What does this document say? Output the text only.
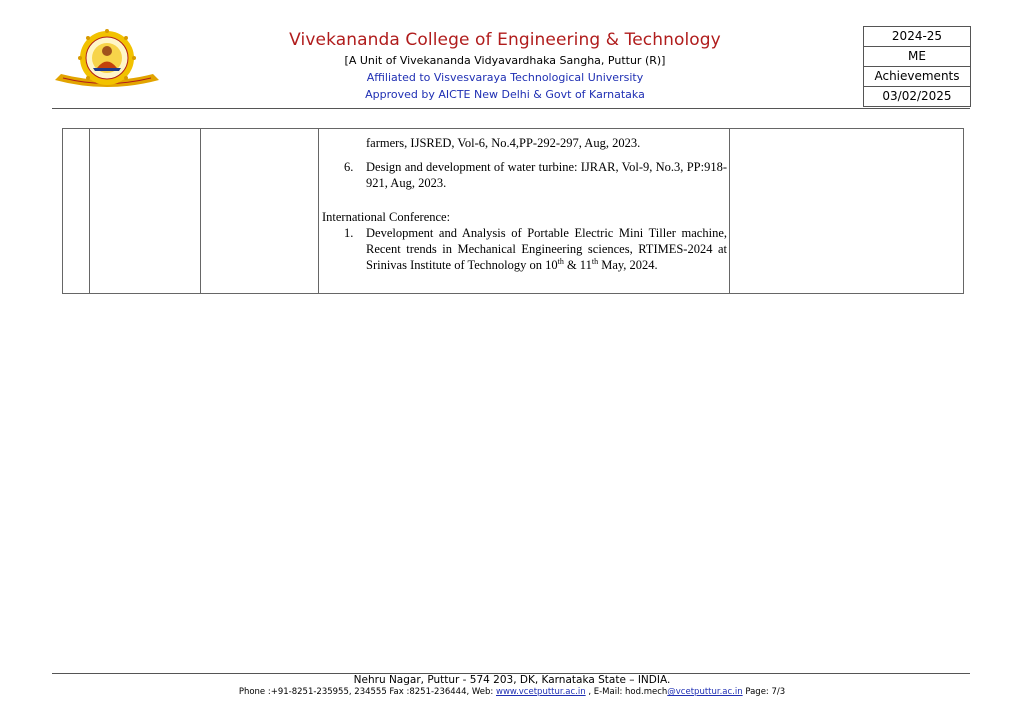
Vivekananda College of Engineering & Technology
[A Unit of Vivekananda Vidyavardhaka Sangha, Puttur (R)]
Affiliated to Visvesvaraya Technological University
Approved by AICTE New Delhi & Govt of Karnataka
2024-25
ME
Achievements
03/02/2025
farmers, IJSRED, Vol-6, No.4,PP-292-297, Aug, 2023.
6. Design and development of water turbine: IJRAR, Vol-9, No.3, PP:918-921, Aug, 2023.
International Conference:
1. Development and Analysis of Portable Electric Mini Tiller machine, Recent trends in Mechanical Engineering sciences, RTIMES-2024 at Srinivas Institute of Technology on 10th & 11th May, 2024.
Nehru Nagar, Puttur - 574 203, DK, Karnataka State – INDIA.
Phone :+91-8251-235955, 234555 Fax :8251-236444, Web: www.vcetputtur.ac.in , E-Mail: hod.mech@vcetputtur.ac.in Page: 7/3
